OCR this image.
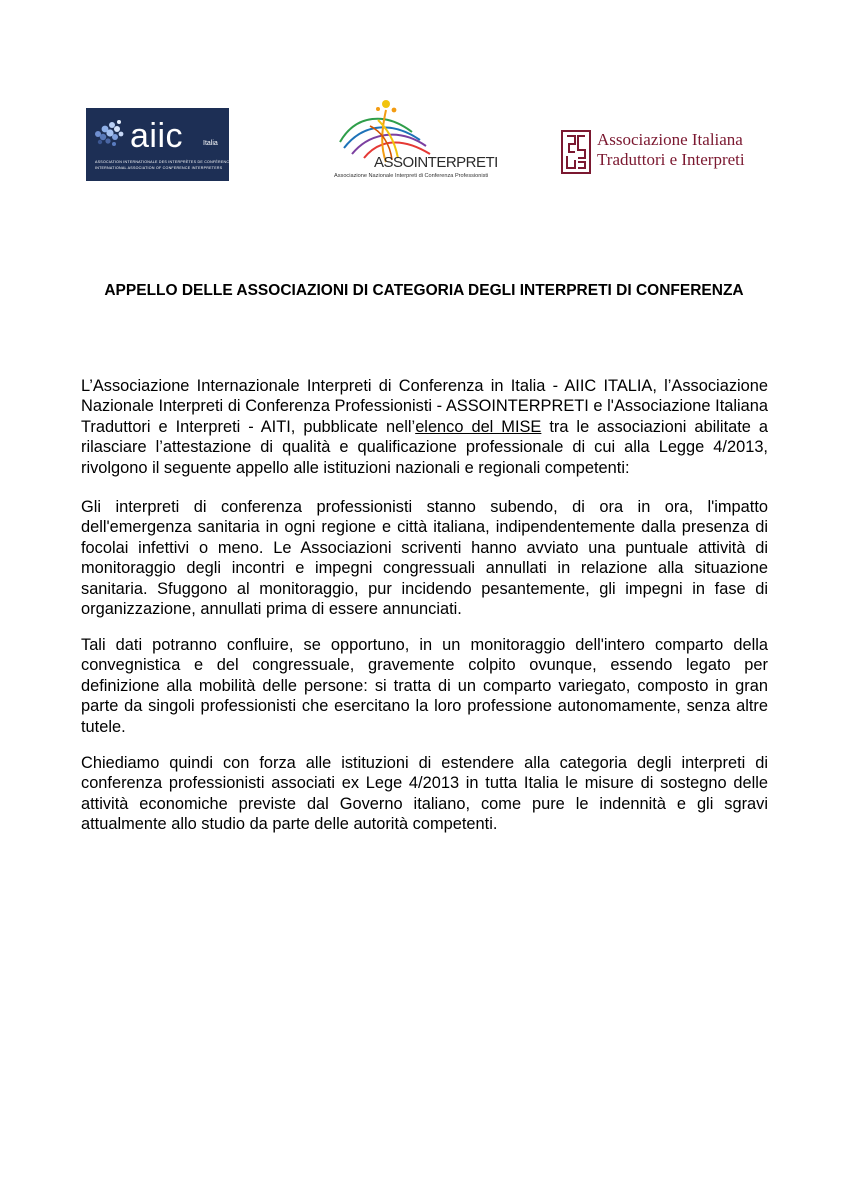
aiic	Italia
ASSOCIATION INTERNATIONALE DES INTERPRÈTES DE CONFÉRENCE
INTERNATIONAL ASSOCIATION OF CONFERENCE INTERPRETERS	ASSOINTERPRETI
Associazione Nazionale Interpreti di Conferenza Professionisti
Associazione Italiana
Traduttori e Interpreti
APPELLO DELLE ASSOCIAZIONI DI CATEGORIA DEGLI INTERPRETI DI CONFERENZA

L’Associazione Internazionale Interpreti di Conferenza in Italia - AIIC ITALIA, l’Associazione Nazionale Interpreti di Conferenza Professionisti - ASSOINTERPRETI e l'Associazione Italiana Traduttori e Interpreti - AITI, pubblicate nell’elenco del MISE tra le associazioni abilitate a rilasciare l’attestazione di qualità e qualificazione professionale di cui alla Legge 4/2013, rivolgono il seguente appello alle istituzioni nazionali e regionali competenti:

Gli interpreti di conferenza professionisti stanno subendo, di ora in ora, l'impatto dell'emergenza sanitaria in ogni regione e città italiana, indipendentemente dalla presenza di focolai infettivi o meno. Le Associazioni scriventi hanno avviato una puntuale attività di monitoraggio degli incontri e impegni congressuali annullati in relazione alla situazione sanitaria. Sfuggono al monitoraggio, pur incidendo pesantemente, gli impegni in fase di organizzazione, annullati prima di essere annunciati.

Tali dati potranno confluire, se opportuno, in un monitoraggio dell'intero comparto della convegnistica e del congressuale, gravemente colpito ovunque, essendo legato per definizione alla mobilità delle persone: si tratta di un comparto variegato, composto in gran parte da singoli professionisti che esercitano la loro professione autonomamente, senza altre tutele.

Chiediamo quindi con forza alle istituzioni di estendere alla categoria degli interpreti di conferenza professionisti associati ex Lege 4/2013 in tutta Italia le misure di sostegno delle attività economiche previste dal Governo italiano, come pure le indennità e gli sgravi attualmente allo studio da parte delle autorità competenti.
